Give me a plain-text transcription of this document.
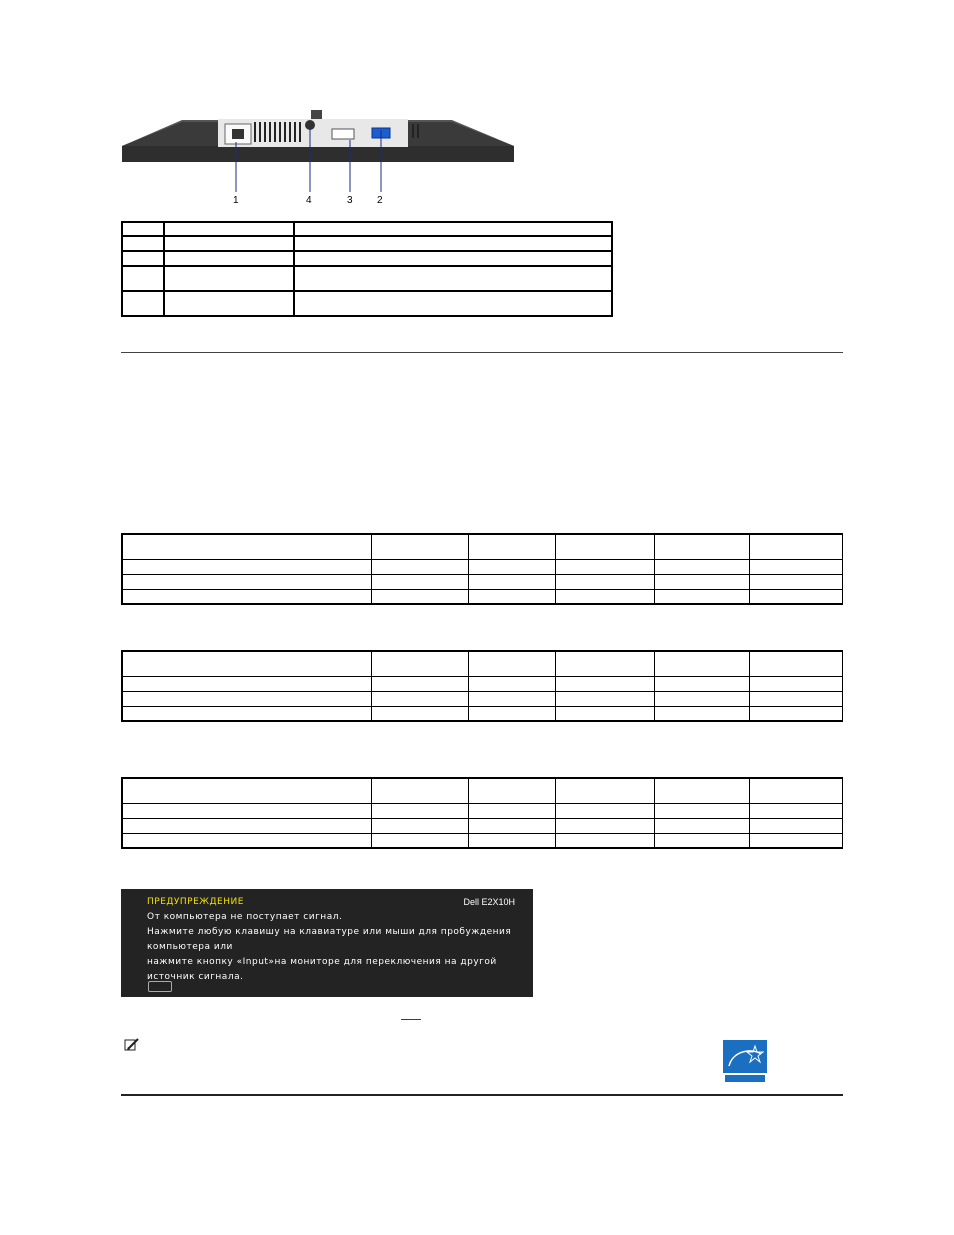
1	4	3 2

ПРЕДУПРЕЖДЕНИЕ	Dell E2X10H
От компьютера не поступает сигнал.
Нажмите любую клавишу на клавиатуре или мыши для пробуждения
компьютера или
нажмите кнопку «Input»на мониторе для переключения на другой
источник сигнала.
